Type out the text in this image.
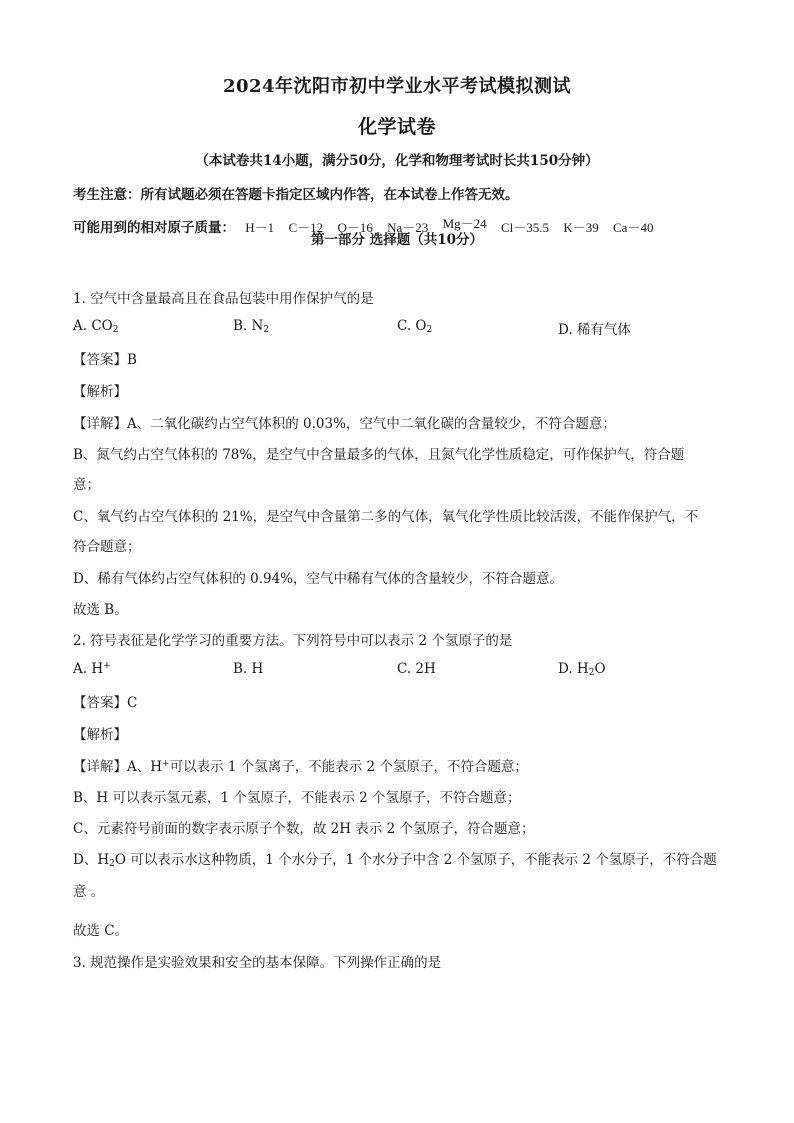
2024年沈阳市初中学业水平考试模拟测试
化学试卷
（本试卷共14小题，满分50分，化学和物理考试时长共150分钟）
考生注意：所有试题必须在答题卡指定区域内作答，在本试卷上作答无效。
可能用到的相对原子质量： H－1 C－12 O－16 Na－23 Mg－24 Cl－35.5 K－39 Ca－40
第一部分 选择题（共10分）
1. 空气中含量最高且在食品包装中用作保护气的是
A. $CO_2$	B. $N_2$	C. $O_2$	D. 稀有气体
【答案】B
【解析】
【详解】A、二氧化碳约占空气体积的 0.03%，空气中二氧化碳的含量较少，不符合题意；
B、氮气约占空气体积的 78%，是空气中含量最多的气体，且氮气化学性质稳定，可作保护气，符合题
意；
C、氧气约占空气体积的 21%，是空气中含量第二多的气体，氧气化学性质比较活泼，不能作保护气，不
符合题意；
D、稀有气体约占空气体积的 0.94%，空气中稀有气体的含量较少，不符合题意。
故选 B。
2. 符号表征是化学学习的重要方法。下列符号中可以表示 2 个氢原子的是
A. H+	B. H	C. 2H	D. $H_2O$
【答案】C
【解析】
【详解】A、H+可以表示 1 个氢离子，不能表示 2 个氢原子，不符合题意；
B、H 可以表示氢元素，1 个氢原子，不能表示 2 个氢原子，不符合题意；
C、元素符号前面的数字表示原子个数，故 2H 表示 2 个氢原子，符合题意；
D、$H_2O$ 可以表示水这种物质，1 个水分子，1 个水分子中含 2 个氢原子，不能表示 2 个氢原子，不符合题
意 。
故选 C。
3. 规范操作是实验效果和安全的基本保障。下列操作正确的是
